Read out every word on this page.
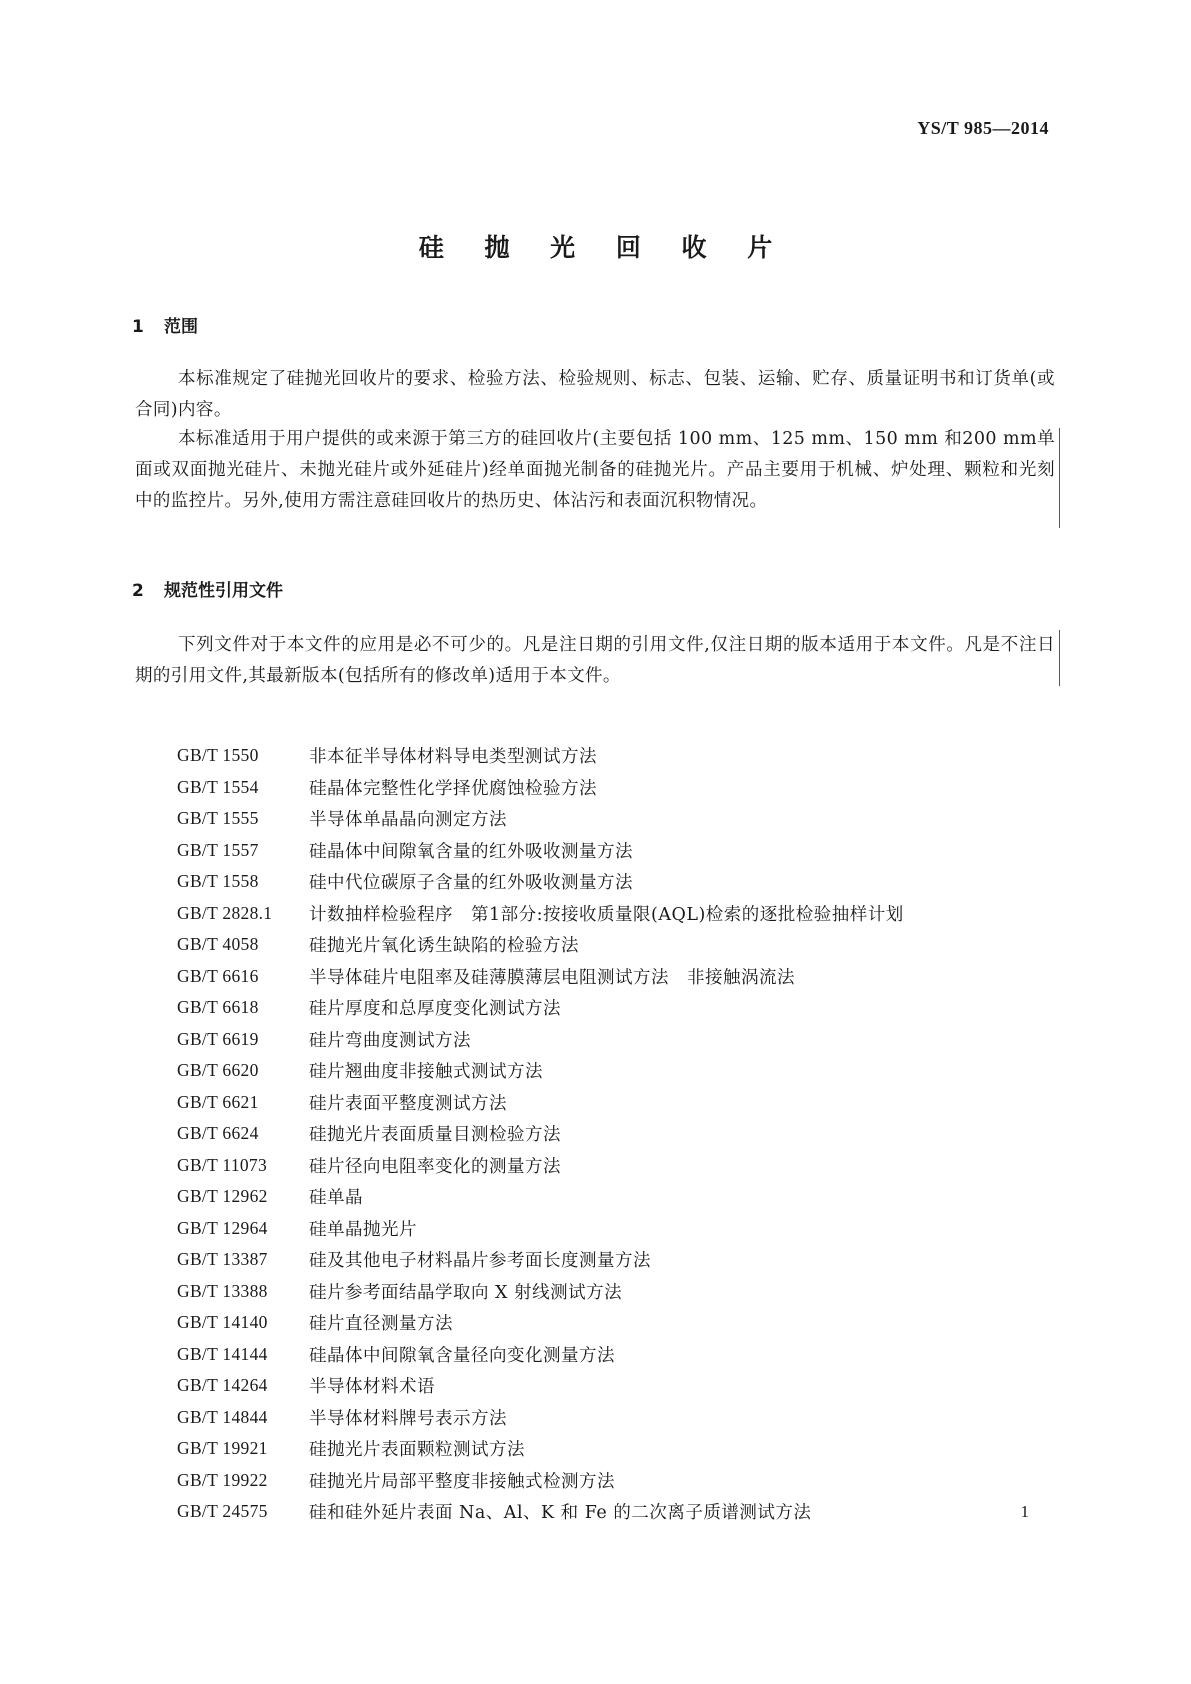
YS/T 985—2014
硅 抛 光 回 收 片
1 范围

本标准规定了硅抛光回收片的要求、检验方法、检验规则、标志、包装、运输、贮存、质量证明书和订货单(或合同)内容。

本标准适用于用户提供的或来源于第三方的硅回收片(主要包括 100 mm、125 mm、150 mm 和200 mm单面或双面抛光硅片、未抛光硅片或外延硅片)经单面抛光制备的硅抛光片。产品主要用于机械、炉处理、颗粒和光刻中的监控片。另外,使用方需注意硅回收片的热历史、体沾污和表面沉积物情况。

2 规范性引用文件

下列文件对于本文件的应用是必不可少的。凡是注日期的引用文件,仅注日期的版本适用于本文件。凡是不注日期的引用文件,其最新版本(包括所有的修改单)适用于本文件。

GB/T 1550	非本征半导体材料导电类型测试方法
GB/T 1554	硅晶体完整性化学择优腐蚀检验方法
GB/T 1555	半导体单晶晶向测定方法
GB/T 1557	硅晶体中间隙氧含量的红外吸收测量方法
GB/T 1558	硅中代位碳原子含量的红外吸收测量方法
GB/T 2828.1	计数抽样检验程序　第1部分:按接收质量限(AQL)检索的逐批检验抽样计划
GB/T 4058	硅抛光片氧化诱生缺陷的检验方法
GB/T 6616	半导体硅片电阻率及硅薄膜薄层电阻测试方法　非接触涡流法
GB/T 6618	硅片厚度和总厚度变化测试方法
GB/T 6619	硅片弯曲度测试方法
GB/T 6620	硅片翘曲度非接触式测试方法
GB/T 6621	硅片表面平整度测试方法
GB/T 6624	硅抛光片表面质量目测检验方法
GB/T 11073	硅片径向电阻率变化的测量方法
GB/T 12962	硅单晶
GB/T 12964	硅单晶抛光片
GB/T 13387	硅及其他电子材料晶片参考面长度测量方法
GB/T 13388	硅片参考面结晶学取向 X 射线测试方法
GB/T 14140	硅片直径测量方法
GB/T 14144	硅晶体中间隙氧含量径向变化测量方法
GB/T 14264	半导体材料术语
GB/T 14844	半导体材料牌号表示方法
GB/T 19921	硅抛光片表面颗粒测试方法
GB/T 19922	硅抛光片局部平整度非接触式检测方法
GB/T 24575	硅和硅外延片表面 Na、Al、K 和 Fe 的二次离子质谱测试方法	1
